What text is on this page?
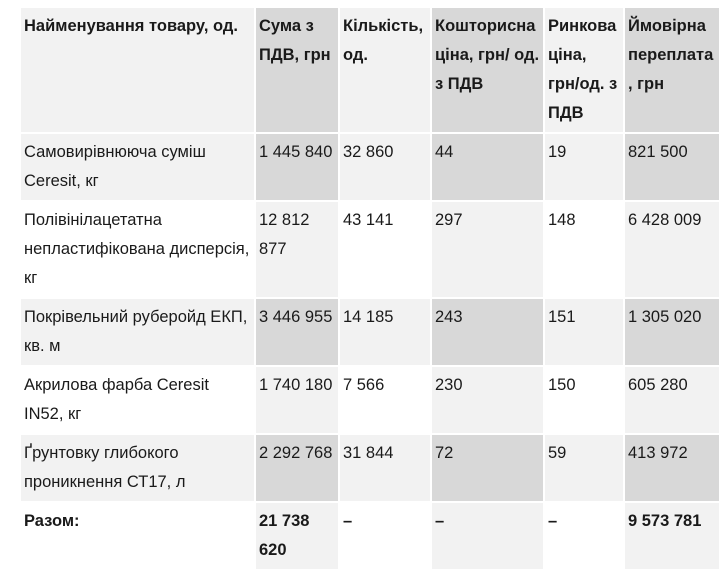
Найменування товару, од.	Сума з ПДВ, грн	Кількість, од.	Кошторисна ціна, грн/ од. з ПДВ	Ринкова ціна, грн/од. з ПДВ	Ймовірна переплата, грн
Самовирівнююча суміш Ceresit, кг	1 445 840	32 860	44	19	821 500
Полівінілацетатна непластифікована дисперсія, кг	12 812 877	43 141	297	148	6 428 009
Покрівельний руберойд ЕКП, кв. м	3 446 955	14 185	243	151	1 305 020
Акрилова фарба Ceresit IN52, кг	1 740 180	7 566	230	150	605 280
Ґрунтовку глибокого проникнення СТ17, л	2 292 768	31 844	72	59	413 972
Разом:	21 738 620	–	–	–	9 573 781
